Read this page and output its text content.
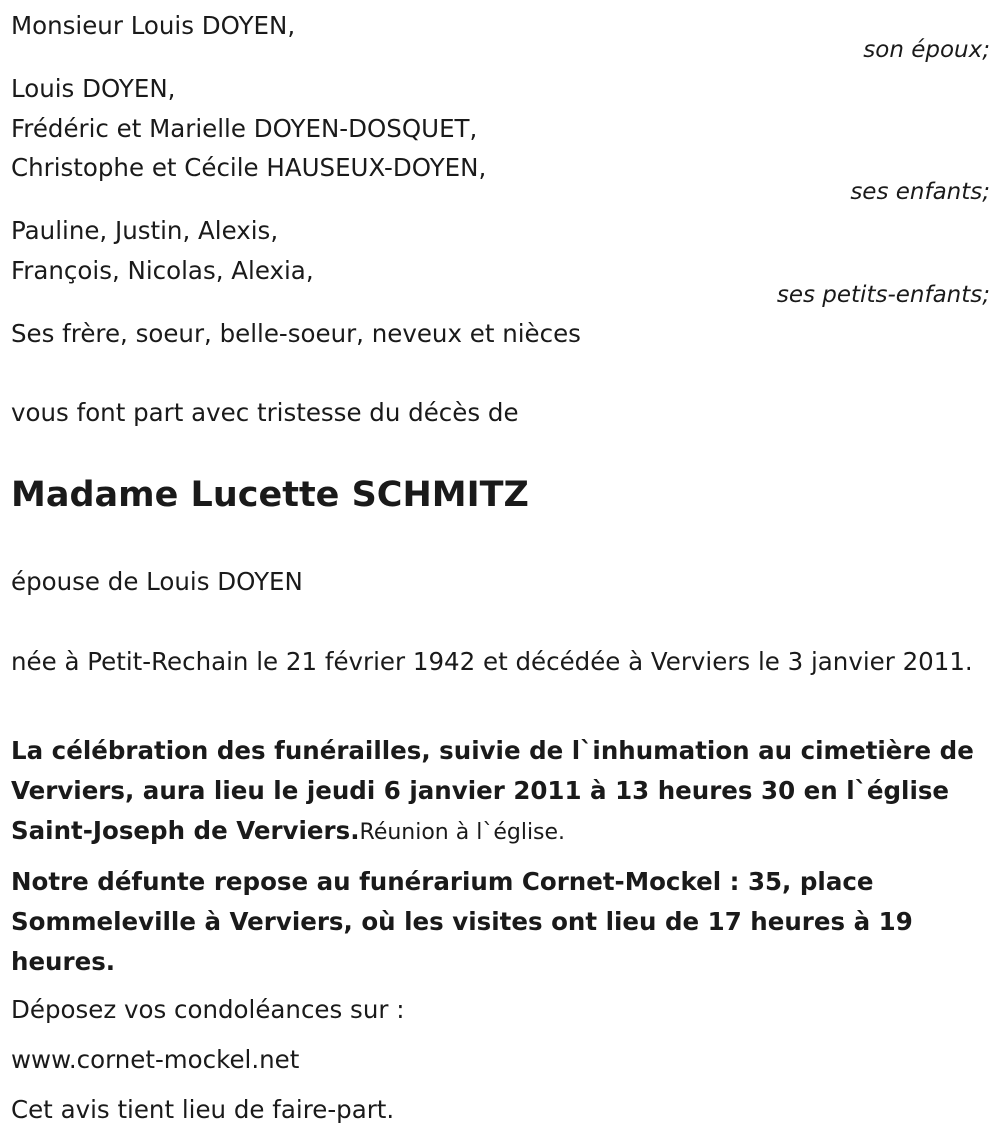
Monsieur Louis DOYEN,
son époux;
Louis DOYEN,
Frédéric et Marielle DOYEN-DOSQUET,
Christophe et Cécile HAUSEUX-DOYEN,
ses enfants;
Pauline, Justin, Alexis,
François, Nicolas, Alexia,
ses petits-enfants;
Ses frère, soeur, belle-soeur, neveux et nièces
vous font part avec tristesse du décès de
Madame Lucette SCHMITZ
épouse de Louis DOYEN
née à Petit-Rechain le 21 février 1942 et décédée à Verviers le 3 janvier 2011.
La célébration des funérailles, suivie de l`inhumation au cimetière de Verviers, aura lieu le jeudi 6 janvier 2011 à 13 heures 30 en l`église Saint-Joseph de Verviers.Réunion à l`église.
Notre défunte repose au funérarium Cornet-Mockel : 35, place Sommeleville à Verviers, où les visites ont lieu de 17 heures à 19 heures.
Déposez vos condoléances sur :
www.cornet-mockel.net
Cet avis tient lieu de faire-part.
